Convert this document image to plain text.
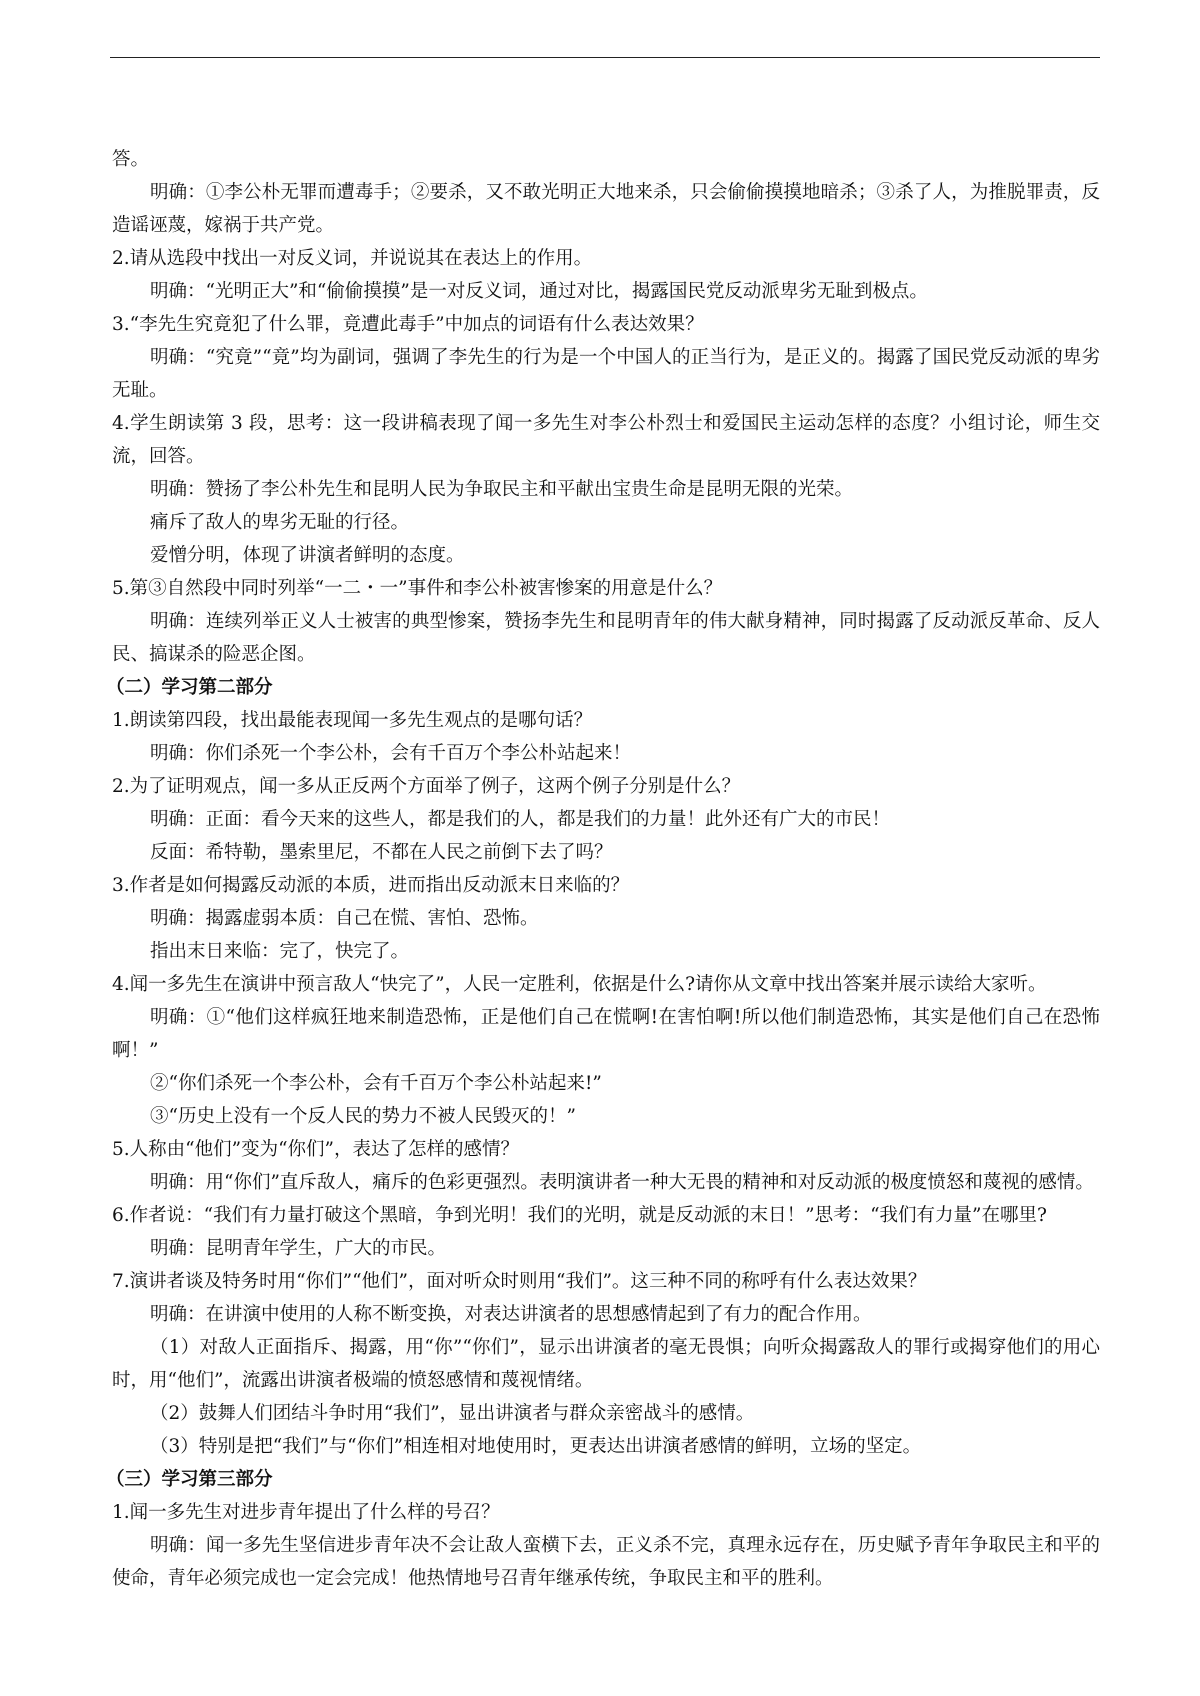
答。

明确：①李公朴无罪而遭毒手；②要杀，又不敢光明正大地来杀，只会偷偷摸摸地暗杀；③杀了人，为推脱罪责，反造谣诬蔑，嫁祸于共产党。

2.请从选段中找出一对反义词，并说说其在表达上的作用。

明确：“光明正大”和“偷偷摸摸”是一对反义词，通过对比，揭露国民党反动派卑劣无耻到极点。

3.“李先生究竟犯了什么罪，竟遭此毒手”中加点的词语有什么表达效果？

明确：“究竟”“竟”均为副词，强调了李先生的行为是一个中国人的正当行为，是正义的。揭露了国民党反动派的卑劣无耻。

4.学生朗读第 3 段，思考：这一段讲稿表现了闻一多先生对李公朴烈士和爱国民主运动怎样的态度？小组讨论，师生交流，回答。

明确：赞扬了李公朴先生和昆明人民为争取民主和平献出宝贵生命是昆明无限的光荣。

痛斥了敌人的卑劣无耻的行径。

爱憎分明，体现了讲演者鲜明的态度。

5.第③自然段中同时列举“一二・一”事件和李公朴被害惨案的用意是什么？

明确：连续列举正义人士被害的典型惨案，赞扬李先生和昆明青年的伟大献身精神，同时揭露了反动派反革命、反人民、搞谋杀的险恶企图。

（二）学习第二部分

1.朗读第四段，找出最能表现闻一多先生观点的是哪句话？

明确：你们杀死一个李公朴，会有千百万个李公朴站起来！

2.为了证明观点，闻一多从正反两个方面举了例子，这两个例子分别是什么？

明确：正面：看今天来的这些人，都是我们的人，都是我们的力量！此外还有广大的市民！

反面：希特勒，墨索里尼，不都在人民之前倒下去了吗？

3.作者是如何揭露反动派的本质，进而指出反动派末日来临的？

明确：揭露虚弱本质：自己在慌、害怕、恐怖。

指出末日来临：完了，快完了。

4.闻一多先生在演讲中预言敌人“快完了”，人民一定胜利，依据是什么?请你从文章中找出答案并展示读给大家听。

明确：①“他们这样疯狂地来制造恐怖，正是他们自己在慌啊!在害怕啊!所以他们制造恐怖，其实是他们自己在恐怖啊！”

②“你们杀死一个李公朴，会有千百万个李公朴站起来!”

③“历史上没有一个反人民的势力不被人民毁灭的！”

5.人称由“他们”变为“你们”，表达了怎样的感情？

明确：用“你们”直斥敌人，痛斥的色彩更强烈。表明演讲者一种大无畏的精神和对反动派的极度愤怒和蔑视的感情。

6.作者说：“我们有力量打破这个黑暗，争到光明！我们的光明，就是反动派的末日！”思考：“我们有力量”在哪里?

明确：昆明青年学生，广大的市民。

7.演讲者谈及特务时用“你们”“他们”，面对听众时则用“我们”。这三种不同的称呼有什么表达效果？

明确：在讲演中使用的人称不断变换，对表达讲演者的思想感情起到了有力的配合作用。

（1）对敌人正面指斥、揭露，用“你”“你们”，显示出讲演者的毫无畏惧；向听众揭露敌人的罪行或揭穿他们的用心时，用“他们”，流露出讲演者极端的愤怒感情和蔑视情绪。

（2）鼓舞人们团结斗争时用“我们”，显出讲演者与群众亲密战斗的感情。

（3）特别是把“我们”与“你们”相连相对地使用时，更表达出讲演者感情的鲜明，立场的坚定。

（三）学习第三部分

1.闻一多先生对进步青年提出了什么样的号召？

明确：闻一多先生坚信进步青年决不会让敌人蛮横下去，正义杀不完，真理永远存在，历史赋予青年争取民主和平的使命，青年必须完成也一定会完成！他热情地号召青年继承传统，争取民主和平的胜利。
